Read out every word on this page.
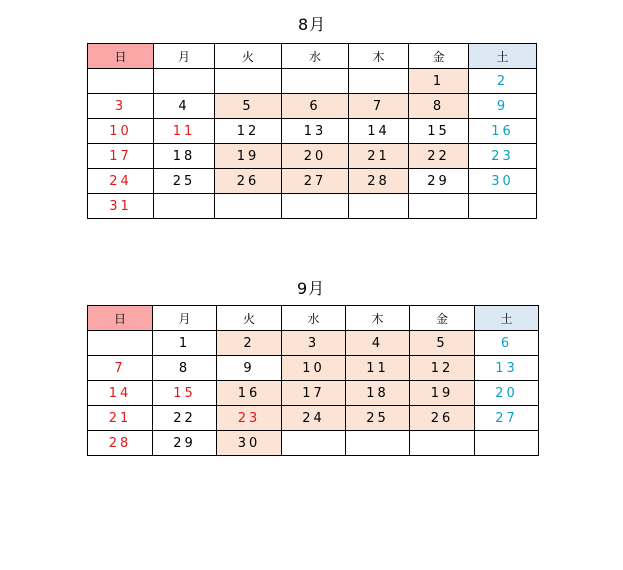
8月
日	月	火	水	木	金	土
					1	2
3	4	5	6	7	8	9
10	11	12	13	14	15	16
17	18	19	20	21	22	23
24	25	26	27	28	29	30
31						
9月
日	月	火	水	木	金	土
	1	2	3	4	5	6
7	8	9	10	11	12	13
14	15	16	17	18	19	20
21	22	23	24	25	26	27
28	29	30				
